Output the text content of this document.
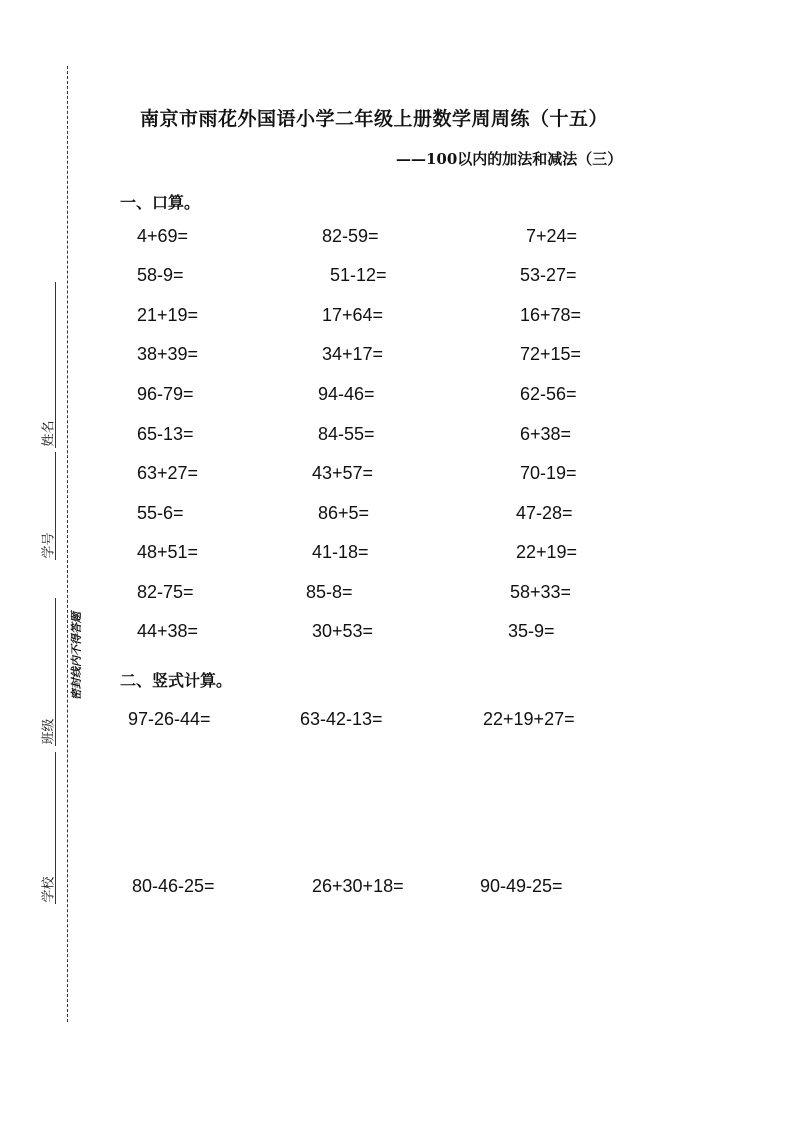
姓名
学号
班级
学校
密封线内不得答题
南京市雨花外国语小学二年级上册数学周周练（十五）
——100以内的加法和减法（三）
一、口算。
4+69=	82-59=	7+24=
58-9=	51-12=	53-27=
21+19=	17+64=	16+78=
38+39=	34+17=	72+15=
96-79=	94-46=	62-56=
65-13=	84-55=	6+38=
63+27=	43+57=	70-19=
55-6=	86+5=	47-28=
48+51=	41-18=	22+19=
82-75=	85-8=	58+33=
44+38=	30+53=	35-9=
二、竖式计算。
97-26-44=	63-42-13=	22+19+27=
80-46-25=	26+30+18=	90-49-25=
